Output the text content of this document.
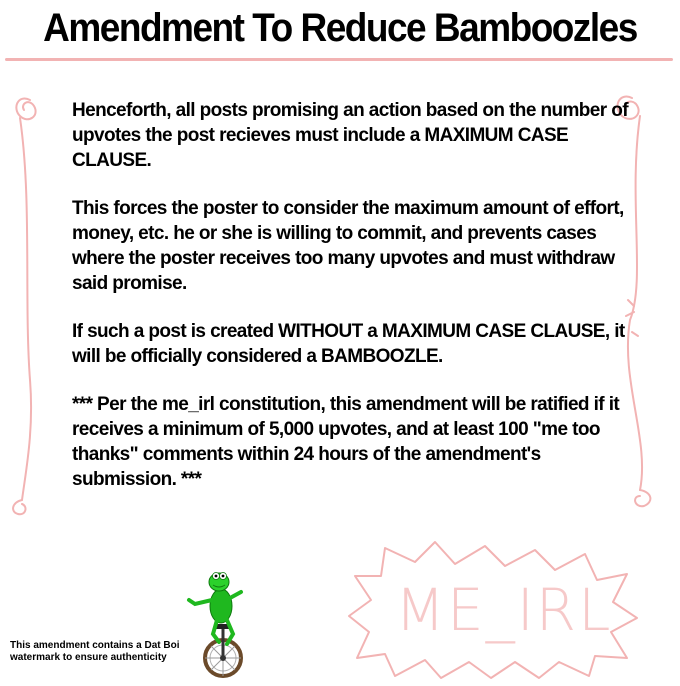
Amendment To Reduce Bamboozles

Henceforth, all posts promising an action based on the number of upvotes the post recieves must include a MAXIMUM CASE CLAUSE.

This forces the poster to consider the maximum amount of effort, money, etc. he or she is willing to commit, and prevents cases where the poster receives too many upvotes and must withdraw said promise.

If such a post is created WITHOUT a MAXIMUM CASE CLAUSE, it will be officially considered a BAMBOOZLE.

*** Per the me_irl constitution, this amendment will be ratified if it receives a minimum of 5,000 upvotes, and at least 100 "me too thanks" comments within 24 hours of the amendment's submission. ***

ME_IRL
This amendment contains a Dat Boi watermark to ensure authenticity
